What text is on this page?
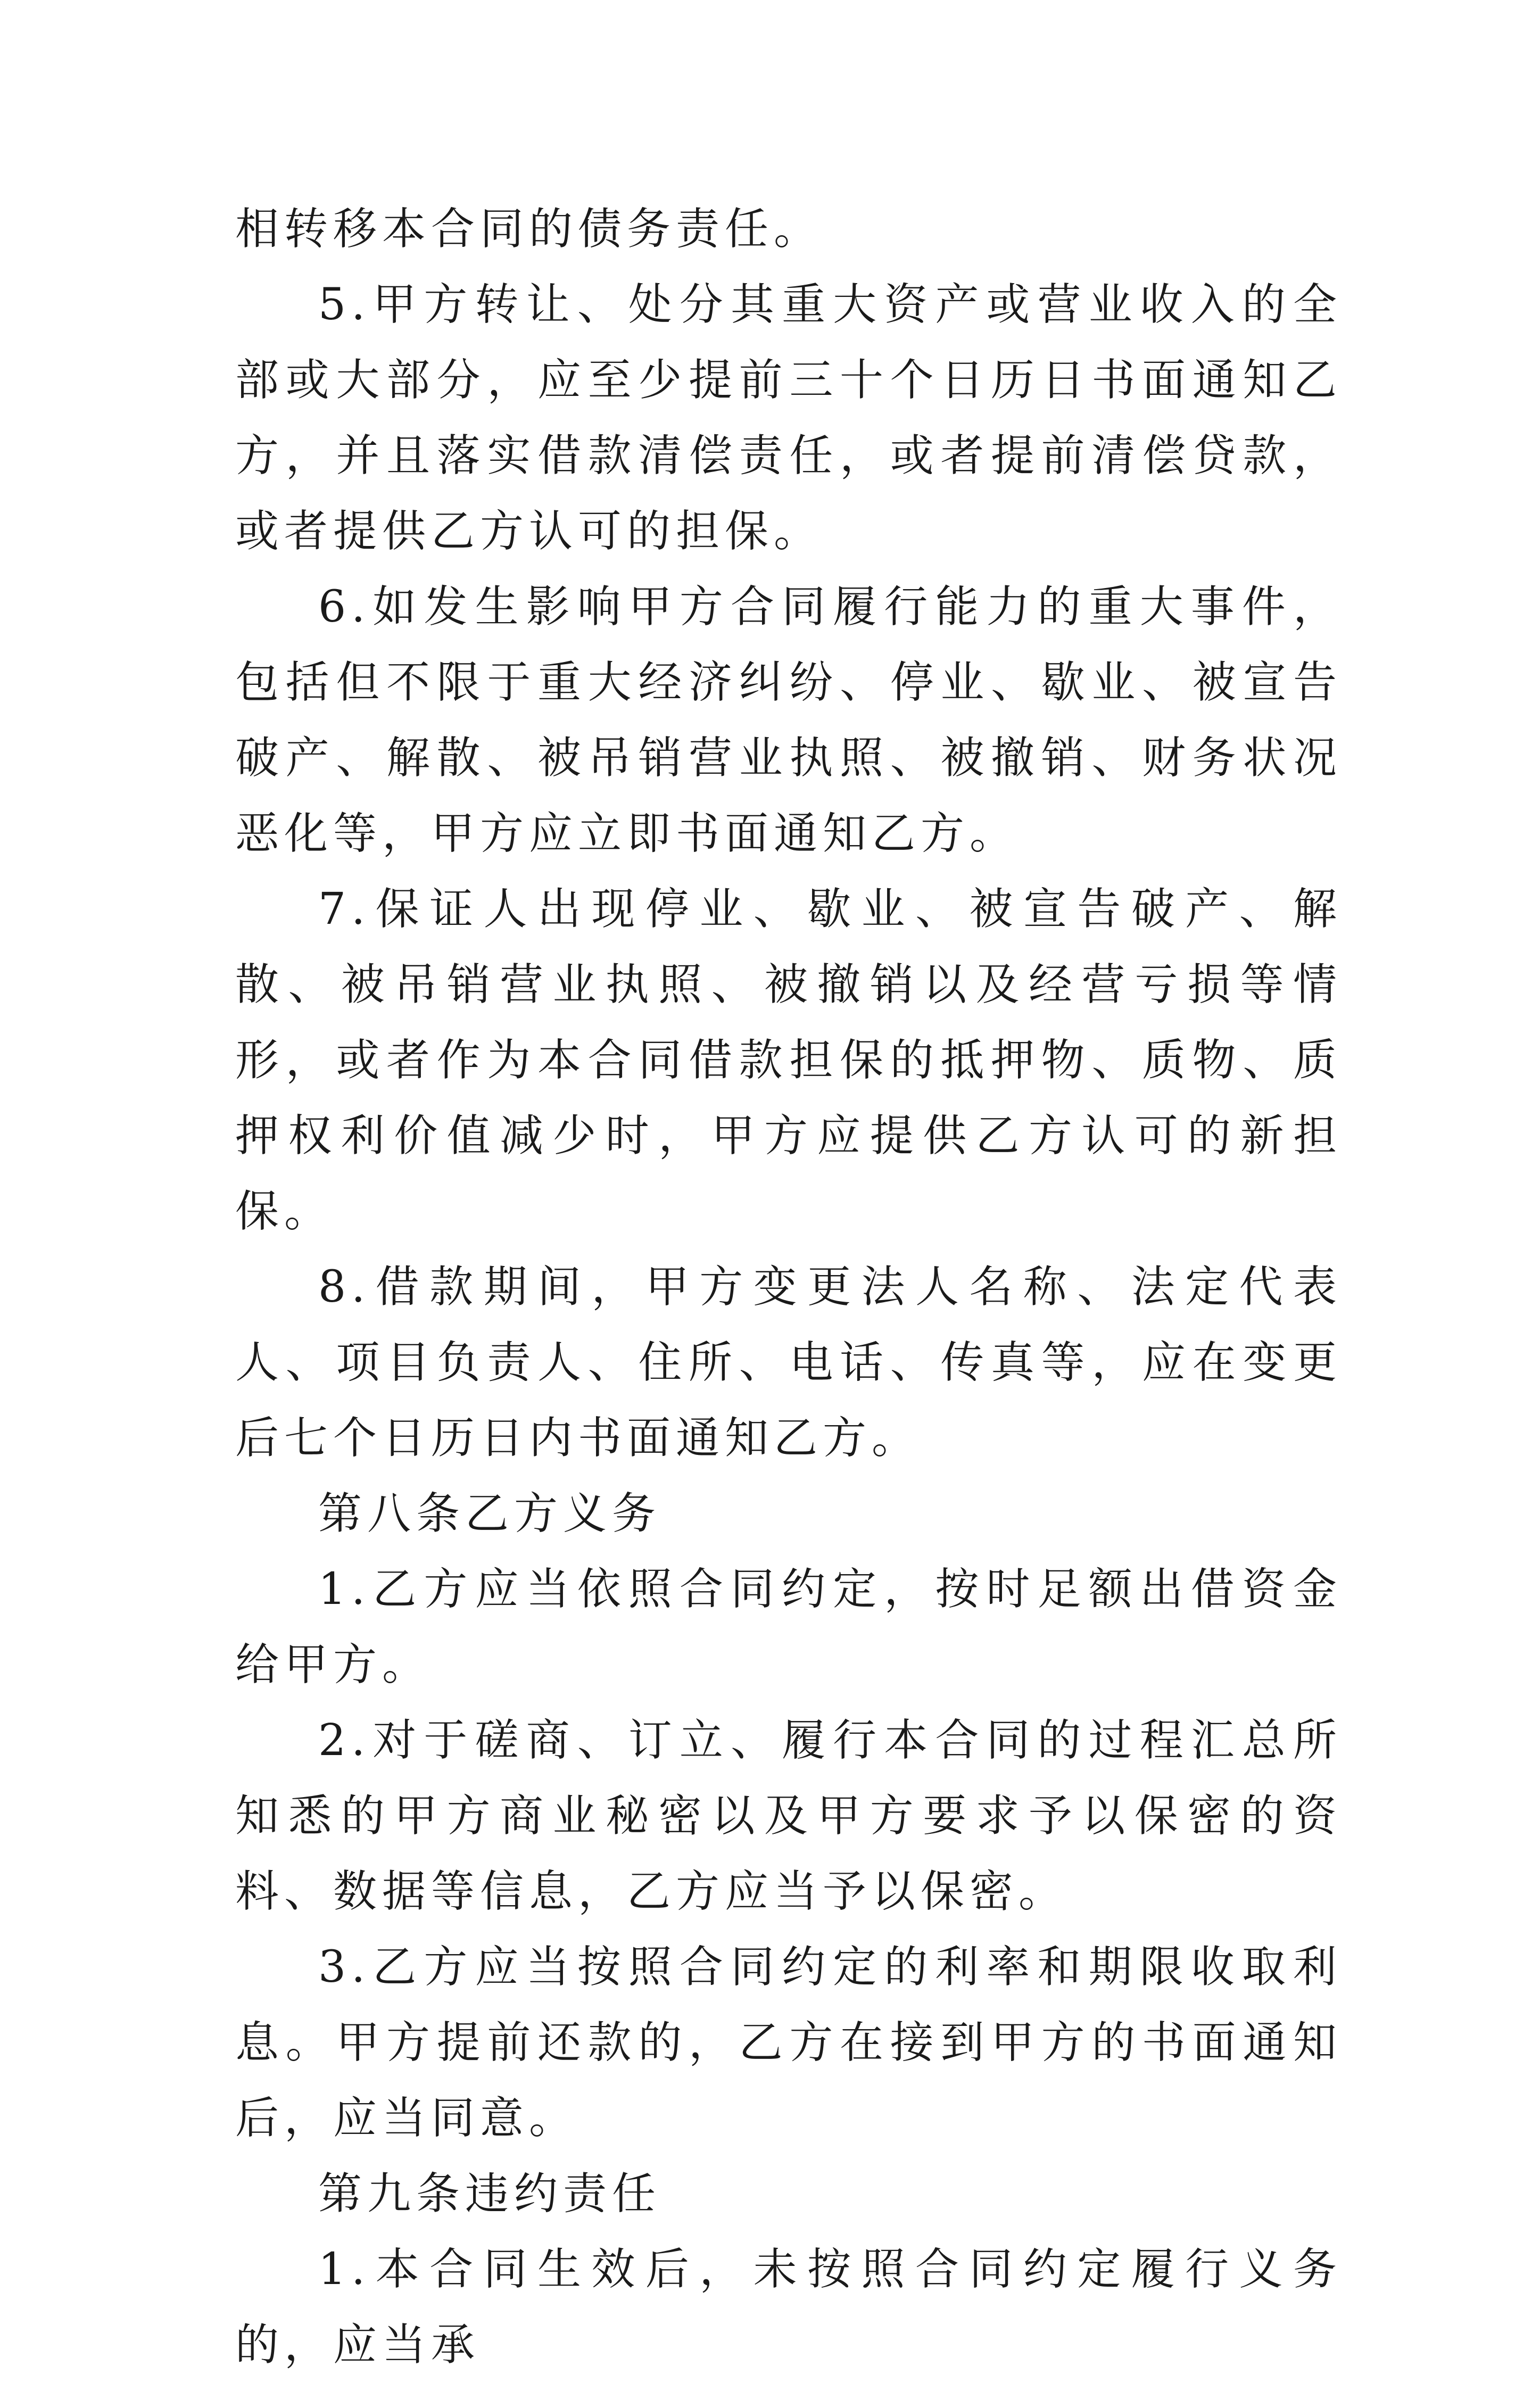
相转移本合同的债务责任。

5.甲方转让、处分其重大资产或营业收入的全部或大部分，应至少提前三十个日历日书面通知乙方，并且落实借款清偿责任，或者提前清偿贷款，或者提供乙方认可的担保。

6.如发生影响甲方合同履行能力的重大事件，包括但不限于重大经济纠纷、停业、歇业、被宣告破产、解散、被吊销营业执照、被撤销、财务状况恶化等，甲方应立即书面通知乙方。

7.保证人出现停业、歇业、被宣告破产、解散、被吊销营业执照、被撤销以及经营亏损等情形，或者作为本合同借款担保的抵押物、质物、质押权利价值减少时，甲方应提供乙方认可的新担保。

8.借款期间，甲方变更法人名称、法定代表人、项目负责人、住所、电话、传真等，应在变更后七个日历日内书面通知乙方。

第八条乙方义务

1.乙方应当依照合同约定，按时足额出借资金给甲方。

2.对于磋商、订立、履行本合同的过程汇总所知悉的甲方商业秘密以及甲方要求予以保密的资料、数据等信息，乙方应当予以保密。

3.乙方应当按照合同约定的利率和期限收取利息。甲方提前还款的，乙方在接到甲方的书面通知后，应当同意。

第九条违约责任

1.本合同生效后，未按照合同约定履行义务的，应当承
